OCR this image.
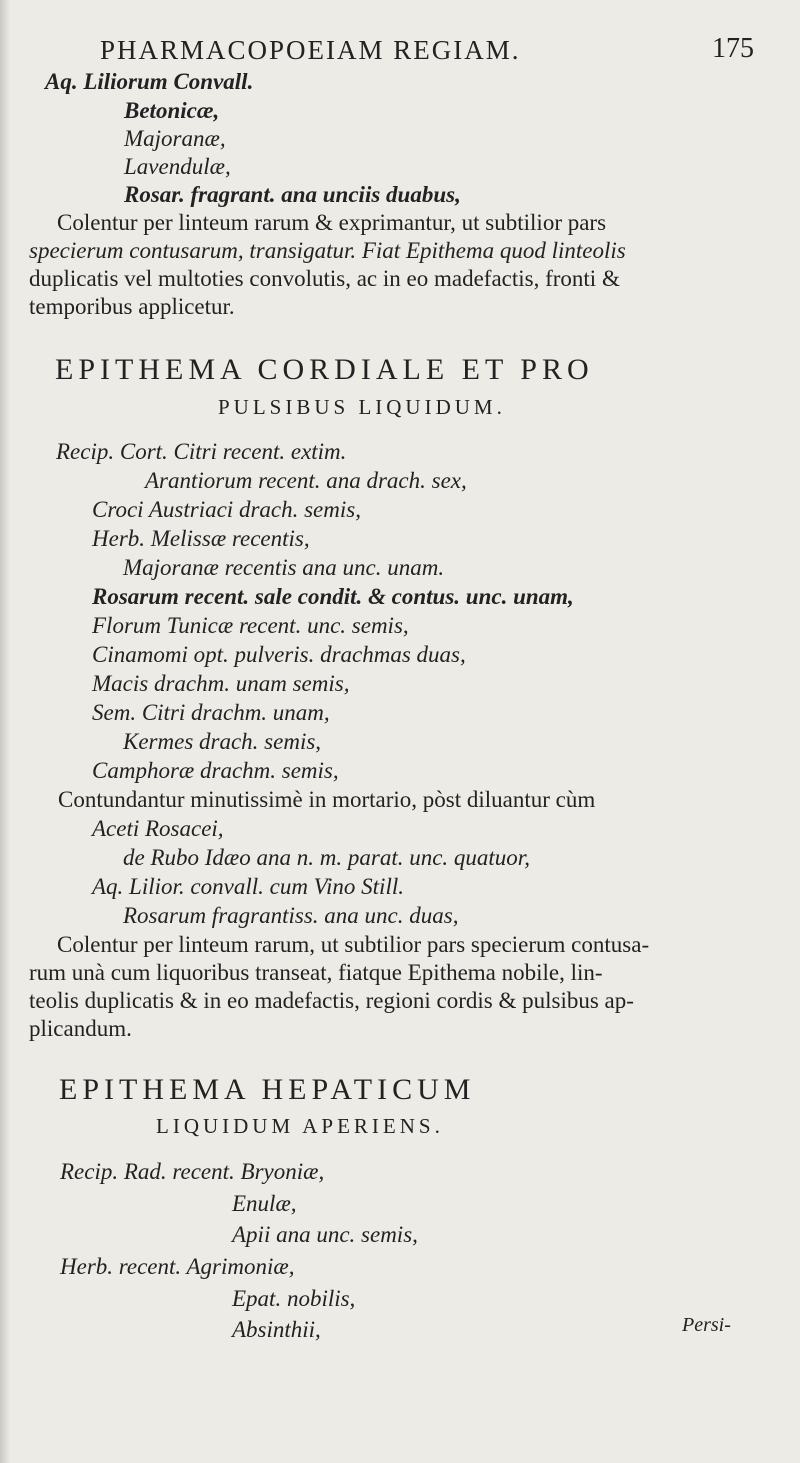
PHARMACOPOEIAM REGIAM.	175
Aq. Liliorum Convall.
Betonicæ,
Majoranæ,
Lavendulæ,
Rosar. fragrant. ana unciis duabus,
Colentur per linteum rarum & exprimantur, ut subtilior pars
specierum contusarum, transigatur. Fiat Epithema quod linteolis
duplicatis vel multoties convolutis, ac in eo madefactis, fronti &
temporibus applicetur.
EPITHEMA CORDIALE ET PRO
PULSIBUS LIQUIDUM.
Recip. Cort. Citri recent. extim.
Arantiorum recent. ana drach. sex,
Croci Austriaci drach. semis,
Herb. Melissæ recentis,
Majoranæ recentis ana unc. unam.
Rosarum recent. sale condit. & contus. unc. unam,
Florum Tunicæ recent. unc. semis,
Cinamomi opt. pulveris. drachmas duas,
Macis drachm. unam semis,
Sem. Citri drachm. unam,
Kermes drach. semis,
Camphoræ drachm. semis,
Contundantur minutissimè in mortario, pòst diluantur cùm
Aceti Rosacei,
de Rubo Idæo ana n. m. parat. unc. quatuor,
Aq. Lilior. convall. cum Vino Still.
Rosarum fragrantiss. ana unc. duas,
Colentur per linteum rarum, ut subtilior pars specierum contusa-
rum unà cum liquoribus transeat, fiatque Epithema nobile, lin-
teolis duplicatis & in eo madefactis, regioni cordis & pulsibus ap-
plicandum.
EPITHEMA HEPATICUM
LIQUIDUM APERIENS.
Recip. Rad. recent. Bryoniæ,
Enulæ,
Apii ana unc. semis,
Herb. recent. Agrimoniæ,
Epat. nobilis,
Absinthii,	Persi-
